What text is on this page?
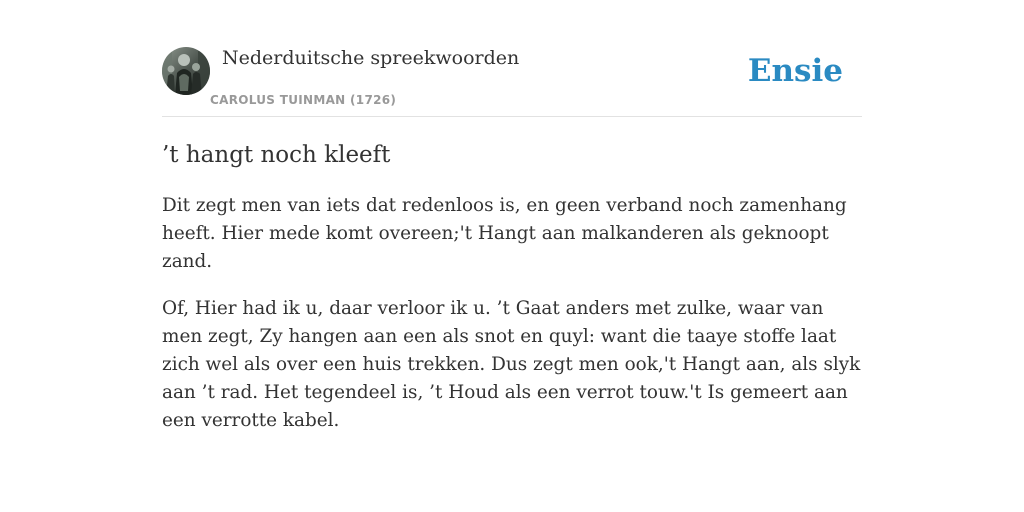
Nederduitsche spreekwoorden
CAROLUS TUINMAN (1726)
Ensie
’t hangt noch kleeft

Dit zegt men van iets dat redenloos is, en geen verband noch zamenhang heeft. Hier mede komt overeen;'t Hangt aan malkanderen als geknoopt zand.

Of, Hier had ik u, daar verloor ik u. ’t Gaat anders met zulke, waar van men zegt, Zy hangen aan een als snot en quyl: want die taaye stoffe laat zich wel als over een huis trekken. Dus zegt men ook,'t Hangt aan, als slyk aan ’t rad. Het tegendeel is, ’t Houd als een verrot touw.'t Is gemeert aan een verrotte kabel.
